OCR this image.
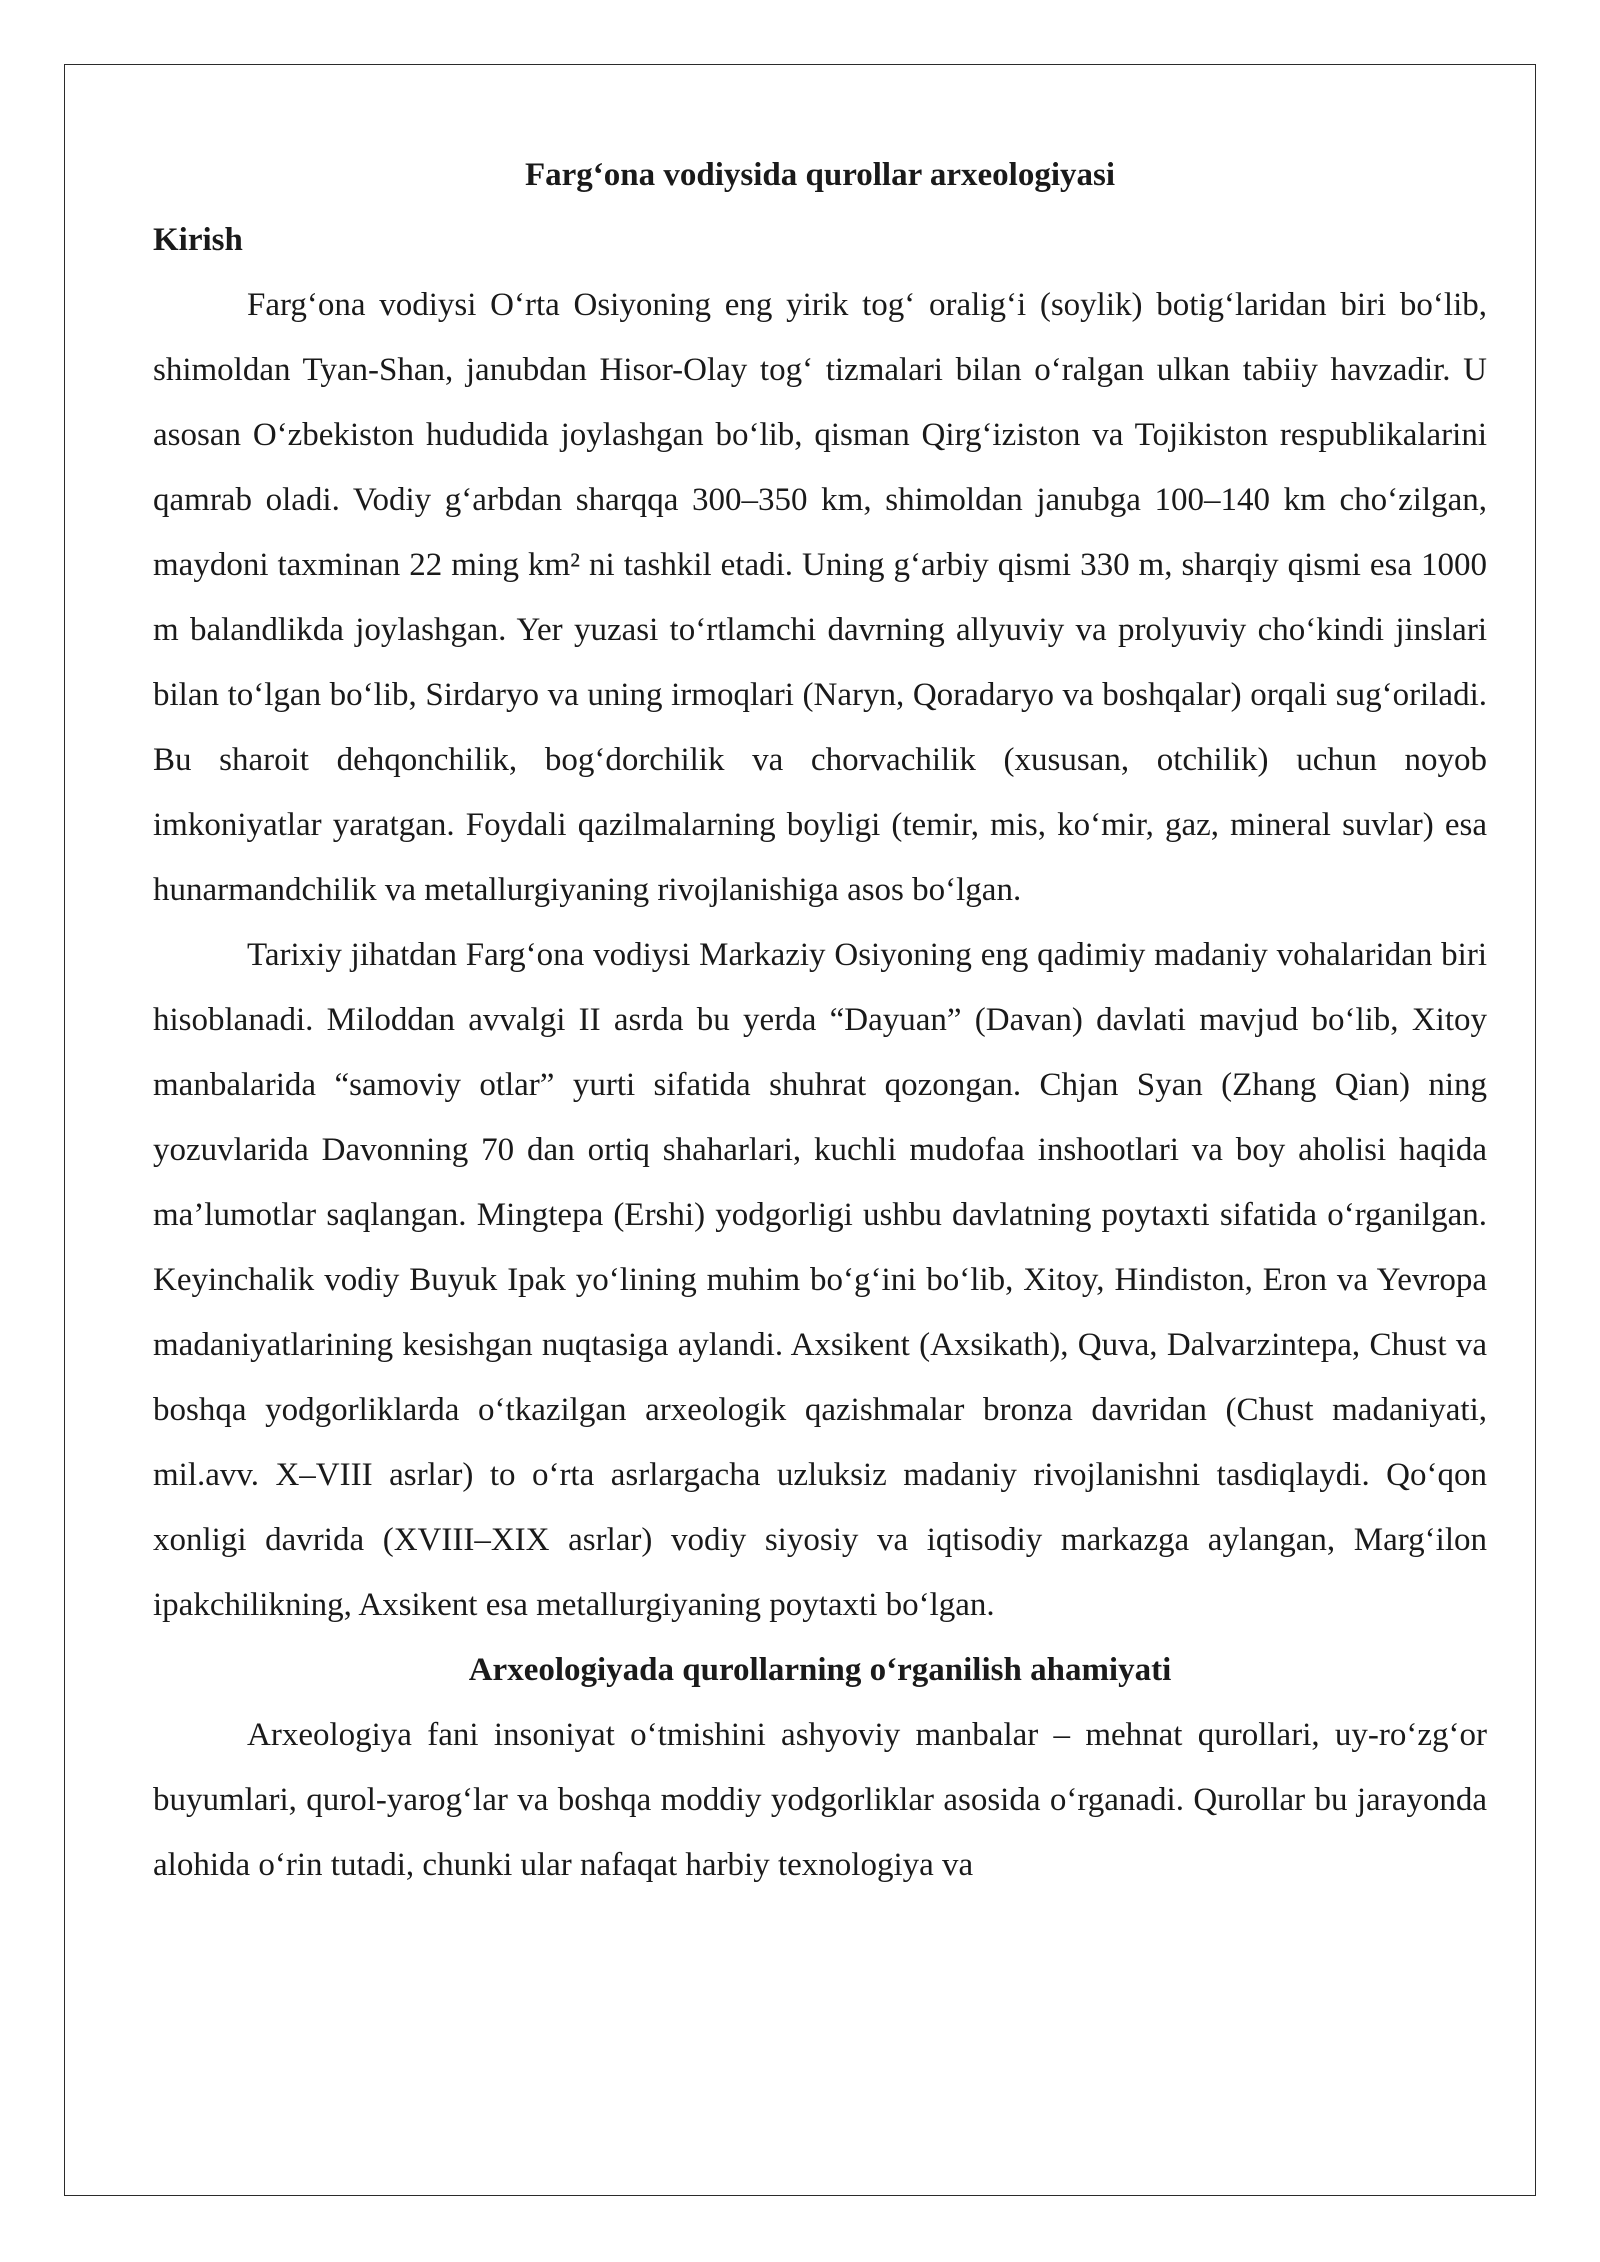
Farg‘ona vodiysida qurollar arxeologiyasi
Kirish

Farg‘ona vodiysi O‘rta Osiyoning eng yirik tog‘ oralig‘i (soylik) botig‘laridan biri bo‘lib, shimoldan Tyan-Shan, janubdan Hisor-Olay tog‘ tizmalari bilan o‘ralgan ulkan tabiiy havzadir. U asosan O‘zbekiston hududida joylashgan bo‘lib, qisman Qirg‘iziston va Tojikiston respublikalarini qamrab oladi. Vodiy g‘arbdan sharqqa 300–350 km, shimoldan janubga 100–140 km cho‘zilgan, maydoni taxminan 22 ming km² ni tashkil etadi. Uning g‘arbiy qismi 330 m, sharqiy qismi esa 1000 m balandlikda joylashgan. Yer yuzasi to‘rtlamchi davrning allyuviy va prolyuviy cho‘kindi jinslari bilan to‘lgan bo‘lib, Sirdaryo va uning irmoqlari (Naryn, Qoradaryo va boshqalar) orqali sug‘oriladi. Bu sharoit dehqonchilik, bog‘dorchilik va chorvachilik (xususan, otchilik) uchun noyob imkoniyatlar yaratgan. Foydali qazilmalarning boyligi (temir, mis, ko‘mir, gaz, mineral suvlar) esa hunarmandchilik va metallurgiyaning rivojlanishiga asos bo‘lgan.

Tarixiy jihatdan Farg‘ona vodiysi Markaziy Osiyoning eng qadimiy madaniy vohalaridan biri hisoblanadi. Miloddan avvalgi II asrda bu yerda “Dayuan” (Davan) davlati mavjud bo‘lib, Xitoy manbalarida “samoviy otlar” yurti sifatida shuhrat qozongan. Chjan Syan (Zhang Qian) ning yozuvlarida Davonning 70 dan ortiq shaharlari, kuchli mudofaa inshootlari va boy aholisi haqida ma’lumotlar saqlangan. Mingtepa (Ershi) yodgorligi ushbu davlatning poytaxti sifatida o‘rganilgan. Keyinchalik vodiy Buyuk Ipak yo‘lining muhim bo‘g‘ini bo‘lib, Xitoy, Hindiston, Eron va Yevropa madaniyatlarining kesishgan nuqtasiga aylandi. Axsikent (Axsikath), Quva, Dalvarzintepa, Chust va boshqa yodgorliklarda o‘tkazilgan arxeologik qazishmalar bronza davridan (Chust madaniyati, mil.avv. X–VIII asrlar) to o‘rta asrlargacha uzluksiz madaniy rivojlanishni tasdiqlaydi. Qo‘qon xonligi davrida (XVIII–XIX asrlar) vodiy siyosiy va iqtisodiy markazga aylangan, Marg‘ilon ipakchilikning, Axsikent esa metallurgiyaning poytaxti bo‘lgan.

Arxeologiyada qurollarning o‘rganilish ahamiyati

Arxeologiya fani insoniyat o‘tmishini ashyoviy manbalar – mehnat qurollari, uy-ro‘zg‘or buyumlari, qurol-yarog‘lar va boshqa moddiy yodgorliklar asosida o‘rganadi. Qurollar bu jarayonda alohida o‘rin tutadi, chunki ular nafaqat harbiy texnologiya va
